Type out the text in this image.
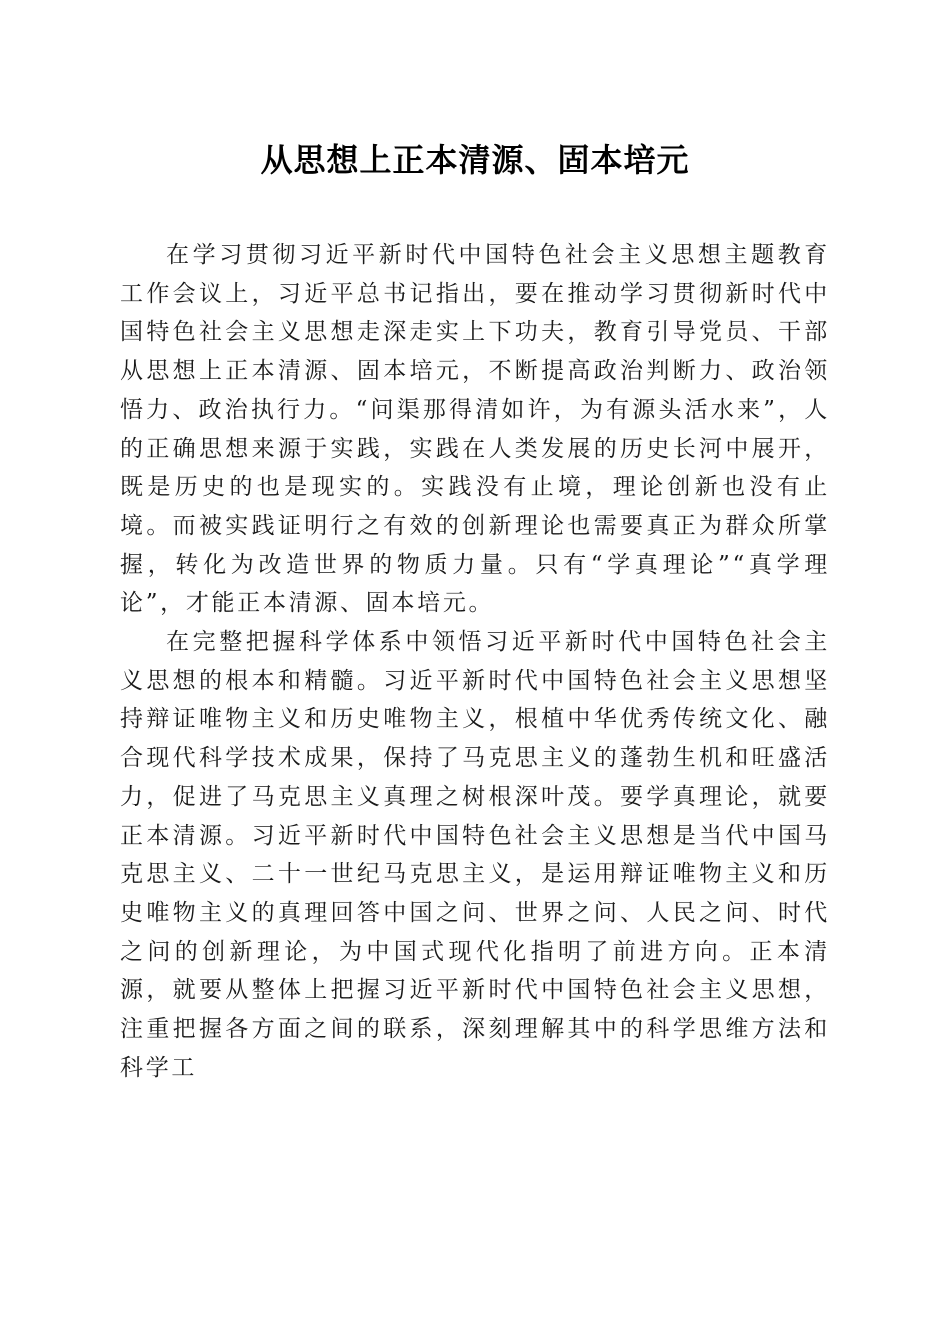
从思想上正本清源、固本培元

在学习贯彻习近平新时代中国特色社会主义思想主题教育工作会议上，习近平总书记指出，要在推动学习贯彻新时代中国特色社会主义思想走深走实上下功夫，教育引导党员、干部从思想上正本清源、固本培元，不断提高政治判断力、政治领悟力、政治执行力。“问渠那得清如许，为有源头活水来”，人的正确思想来源于实践，实践在人类发展的历史长河中展开，既是历史的也是现实的。实践没有止境，理论创新也没有止境。而被实践证明行之有效的创新理论也需要真正为群众所掌握，转化为改造世界的物质力量。只有“学真理论”“真学理论”，才能正本清源、固本培元。

在完整把握科学体系中领悟习近平新时代中国特色社会主义思想的根本和精髓。习近平新时代中国特色社会主义思想坚持辩证唯物主义和历史唯物主义，根植中华优秀传统文化、融合现代科学技术成果，保持了马克思主义的蓬勃生机和旺盛活力，促进了马克思主义真理之树根深叶茂。要学真理论，就要正本清源。习近平新时代中国特色社会主义思想是当代中国马克思主义、二十一世纪马克思主义，是运用辩证唯物主义和历史唯物主义的真理回答中国之问、世界之问、人民之问、时代之问的创新理论，为中国式现代化指明了前进方向。正本清源，就要从整体上把握习近平新时代中国特色社会主义思想，注重把握各方面之间的联系，深刻理解其中的科学思维方法和科学工
